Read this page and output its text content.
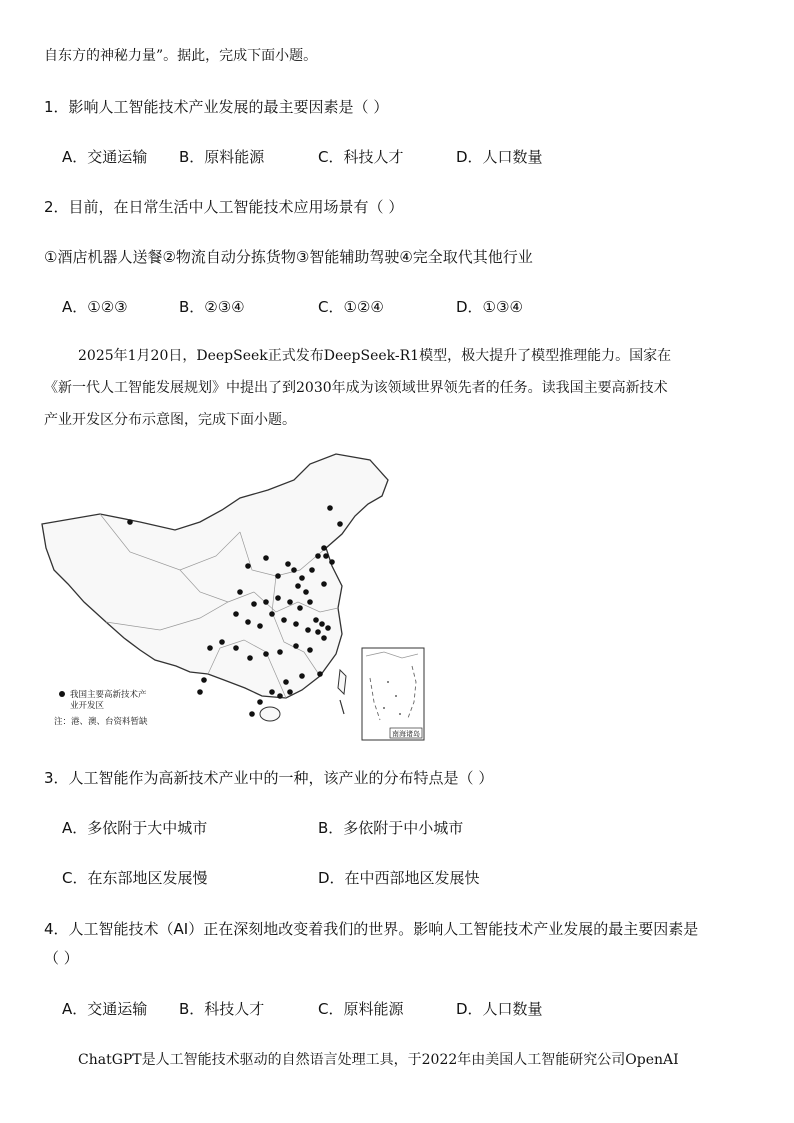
自东方的神秘力量”。据此，完成下面小题。
1．影响人工智能技术产业发展的最主要因素是（ ）
A．交通运输 B．原料能源	C．科技人才	D．人口数量
2．目前，在日常生活中人工智能技术应用场景有（ ）
①酒店机器人送餐②物流自动分拣货物③智能辅助驾驶④完全取代其他行业
A．①②③	B．②③④	C．①②④	D．①③④
2025年1月20日，DeepSeek正式发布DeepSeek-R1模型，极大提升了模型推理能力。国家在
《新一代人工智能发展规划》中提出了到2030年成为该领域世界领先者的任务。读我国主要高新技术
产业开发区分布示意图，完成下面小题。
我国主要高新技术产
业开发区
注：港、澳、台资料暂缺
南海诸岛
3．人工智能作为高新技术产业中的一种，该产业的分布特点是（ ）
A．多依附于大中城市	B．多依附于中小城市
C．在东部地区发展慢	D．在中西部地区发展快
4．人工智能技术（AI）正在深刻地改变着我们的世界。影响人工智能技术产业发展的最主要因素是
（ ）
A．交通运输 B．科技人才	C．原料能源	D．人口数量
ChatGPT是人工智能技术驱动的自然语言处理工具，于2022年由美国人工智能研究公司OpenAI
